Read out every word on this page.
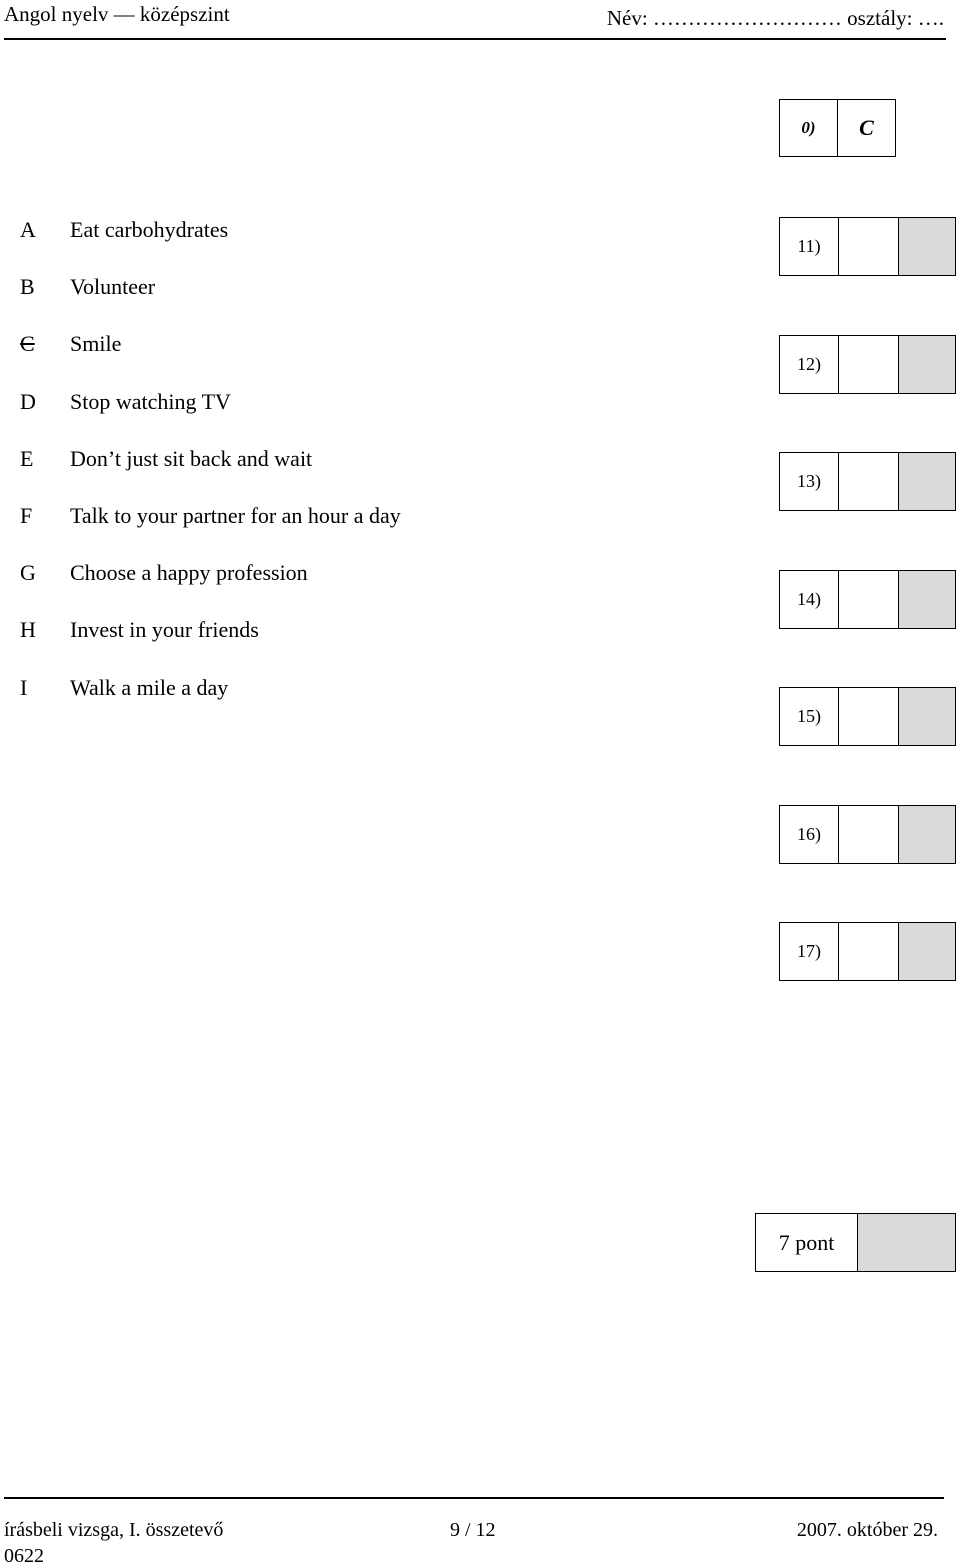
Angol nyelv — középszint	Név: ……………………… osztály: ….
0)	C
A Eat carbohydrates
B Volunteer
C Smile
D Stop watching TV
E Don’t just sit back and wait
F	Talk to your partner for an hour a day
G Choose a happy profession
H Invest in your friends
I	Walk a mile a day
11)
12)
13)
14)
15)
16)
17)
7 pont
írásbeli vizsga, I. összetevő	9 / 12	2007. október 29.
0622
